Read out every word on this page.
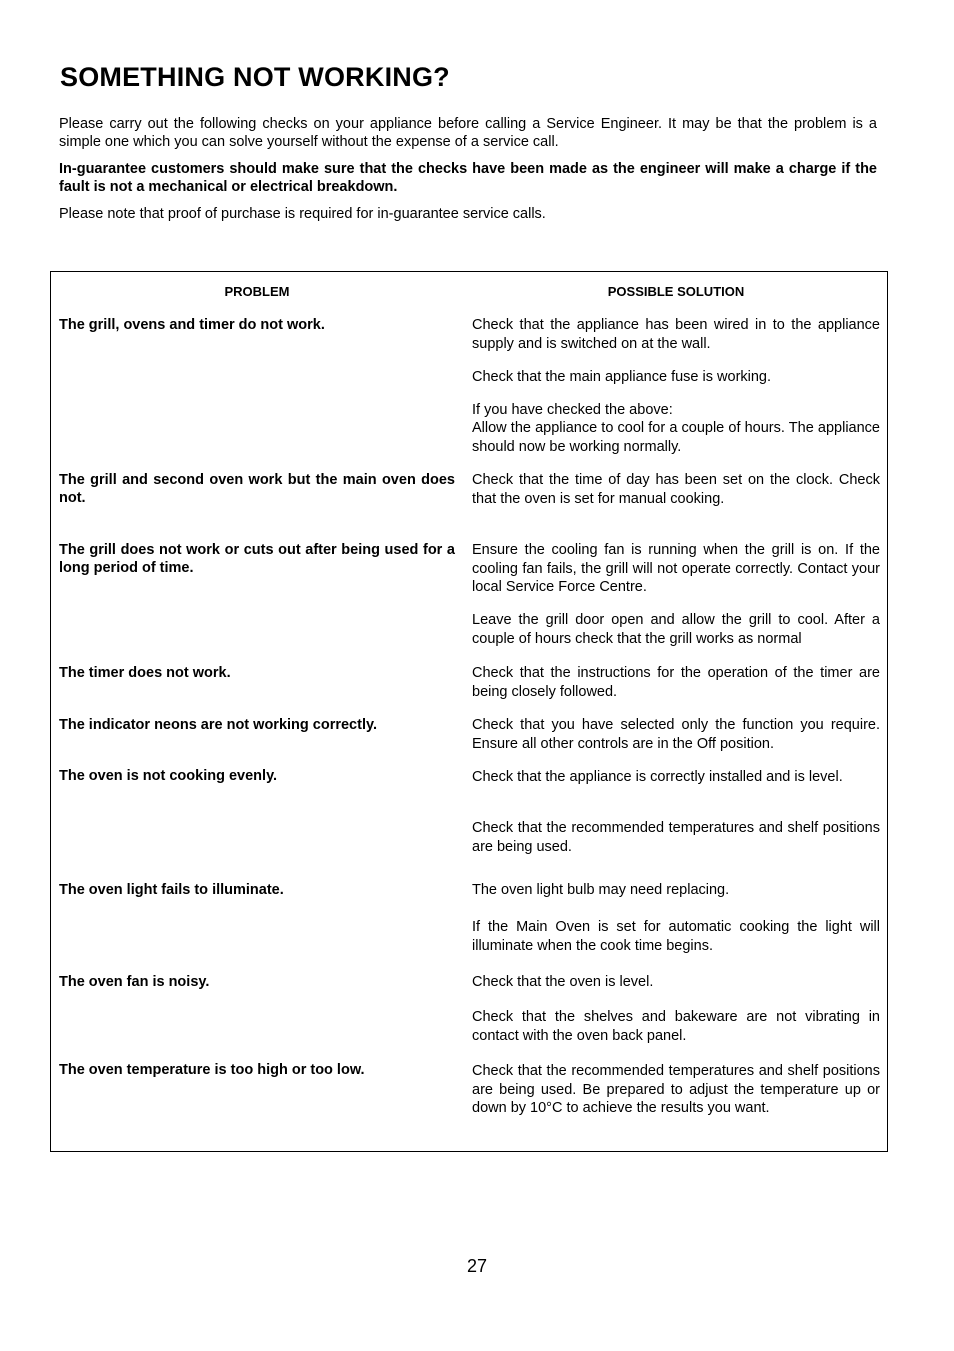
SOMETHING NOT WORKING?

Please carry out the following checks on your appliance before calling a Service Engineer. It may be that the problem is a simple one which you can solve yourself without the expense of a service call.

In-guarantee customers should make sure that the checks have been made as the engineer will make a charge if the fault is not a mechanical or electrical breakdown.

Please note that proof of purchase is required for in-guarantee service calls.

PROBLEM	POSSIBLE SOLUTION

The grill, ovens and timer do not work.

The grill and second oven work but the main oven does not.

The grill does not work or cuts out after being used for a long period of time.

The timer does not work.

The indicator neons are not working correctly.

The oven is not cooking evenly.

The oven light fails to illuminate.

The oven fan is noisy.

The oven temperature is too high or too low.

Check that the appliance has been wired in to the appliance supply and is switched on at the wall.

Check that the main appliance fuse is working.

If you have checked the above:

Allow the appliance to cool for a couple of hours. The appliance should now be working normally.

Check that the time of day has been set on the clock. Check that the oven is set for manual cooking.

Ensure the cooling fan is running when the grill is on. If the cooling fan fails, the grill will not operate correctly. Contact your local Service Force Centre.

Leave the grill door open and allow the grill to cool. After a couple of hours check that the grill works as normal

Check that the instructions for the operation of the timer are being closely followed.

Check that you have selected only the function you require. Ensure all other controls are in the Off position.

Check that the appliance is correctly installed and is level.

Check that the recommended temperatures and shelf positions are being used.

The oven light bulb may need replacing.

If the Main Oven is set for automatic cooking the light will illuminate when the cook time begins.

Check that the oven is level.

Check that the shelves and bakeware are not vibrating in contact with the oven back panel.

Check that the recommended temperatures and shelf positions are being used. Be prepared to adjust the temperature up or down by 10°C to achieve the results you want.

27
